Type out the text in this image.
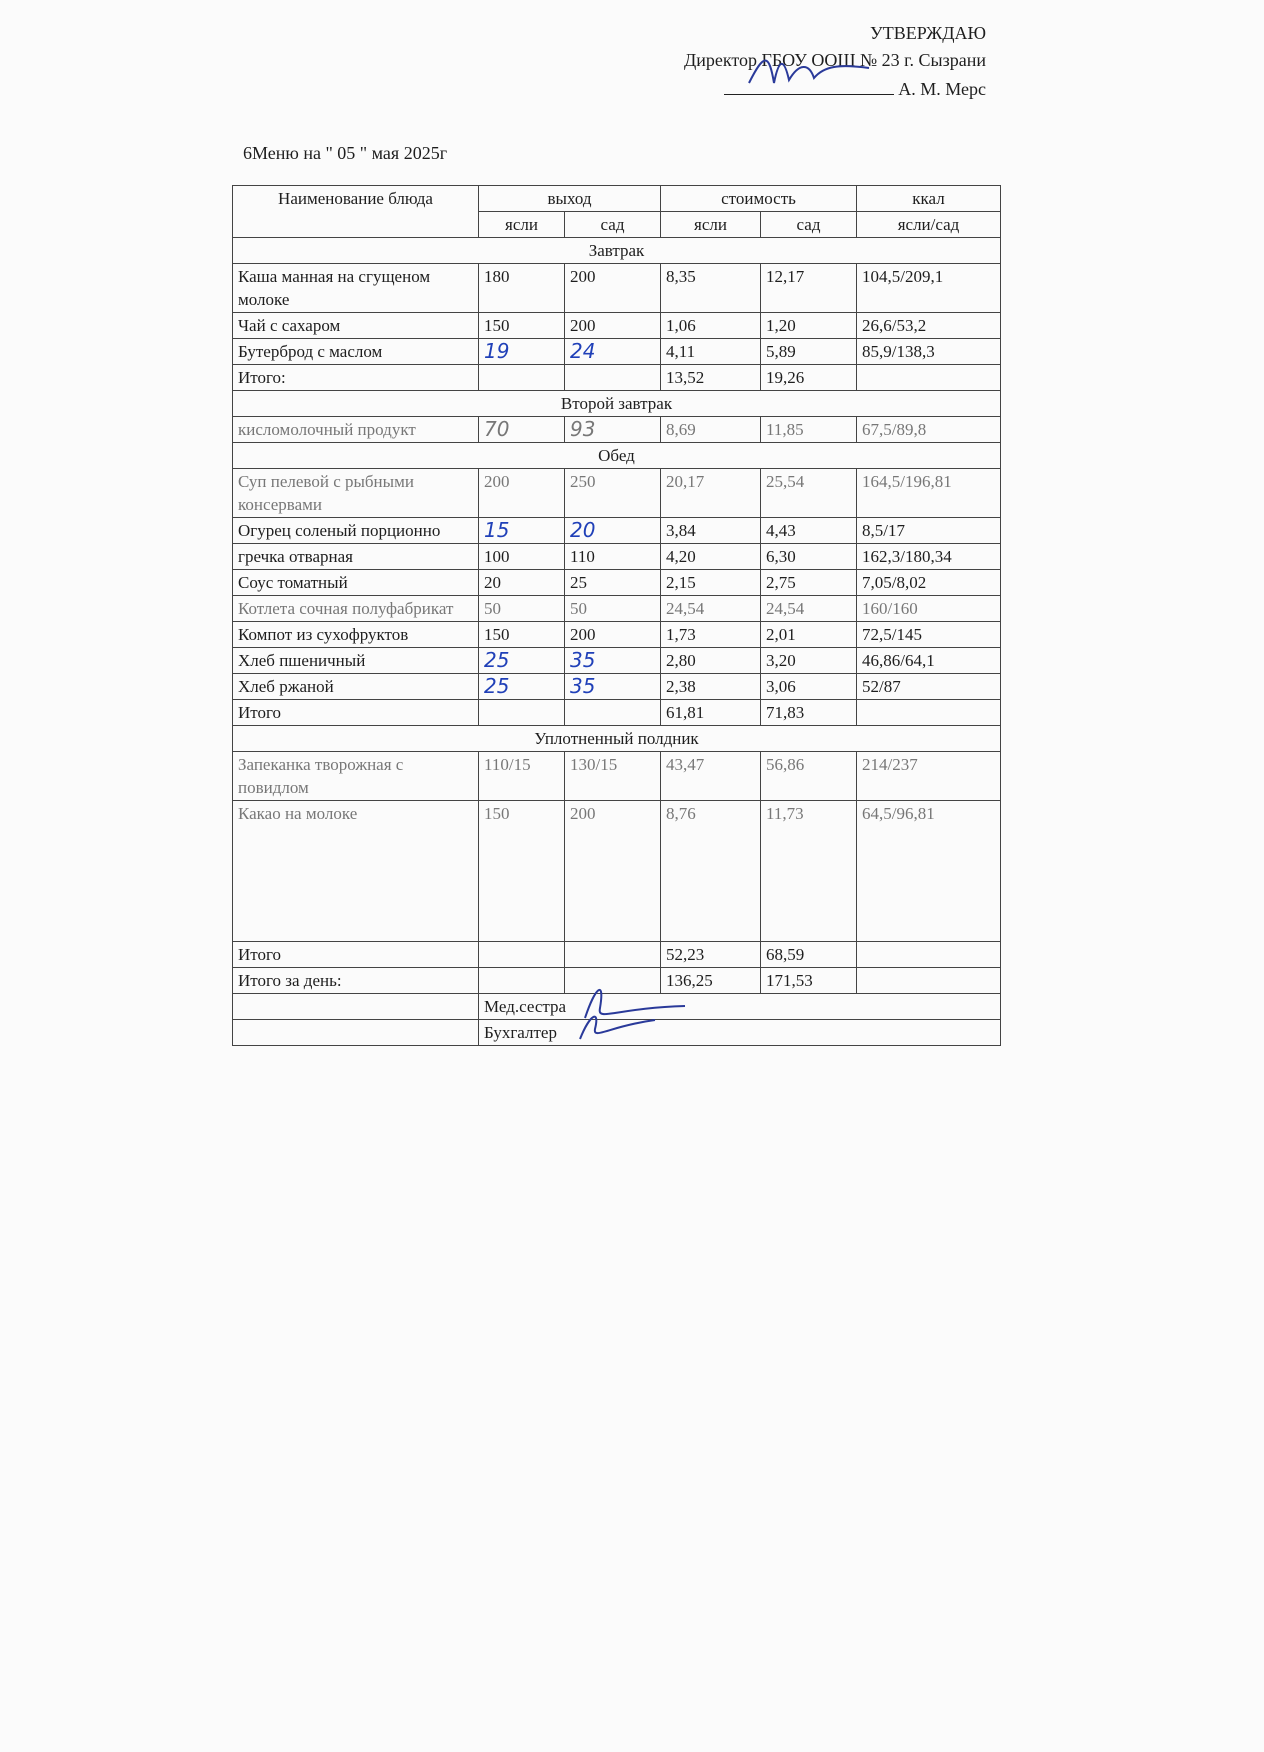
УТВЕРЖДАЮ
Директор ГБОУ ООШ № 23 г. Сызрани
А. М. Мерс
6Меню на " 05 " мая 2025г
Наименование блюда	выход		стоимость		ккал
	ясли	сад	ясли	сад	ясли/сад
Завтрак					
Каша манная на сгущеном молоке	180	200	8,35	12,17	104,5/209,1
Чай с сахаром	150	200	1,06	1,20	26,6/53,2
Бутерброд с маслом	19	24	4,11	5,89	85,9/138,3
Итого:			13,52	19,26	
Второй завтрак					
кисломолочный продукт	70	93	8,69	11,85	67,5/89,8
Обед					
Суп пелевой с рыбными консервами	200	250	20,17	25,54	164,5/196,81
Огурец соленый порционно	15	20	3,84	4,43	8,5/17
гречка отварная	100	110	4,20	6,30	162,3/180,34
Соус томатный	20	25	2,15	2,75	7,05/8,02
Котлета сочная полуфабрикат	50	50	24,54	24,54	160/160
Компот из сухофруктов	150	200	1,73	2,01	72,5/145
Хлеб пшеничный	25	35	2,80	3,20	46,86/64,1
Хлеб ржаной	25	35	2,38	3,06	52/87
Итого			61,81	71,83	
Уплотненный полдник					
Запеканка творожная с повидлом	110/15	130/15	43,47	56,86	214/237
Какао на молоке	150	200	8,76	11,73	64,5/96,81
Итого			52,23	68,59	
Итого за день:			136,25	171,53	
	Мед.сестра				

	Бухгалтер				
